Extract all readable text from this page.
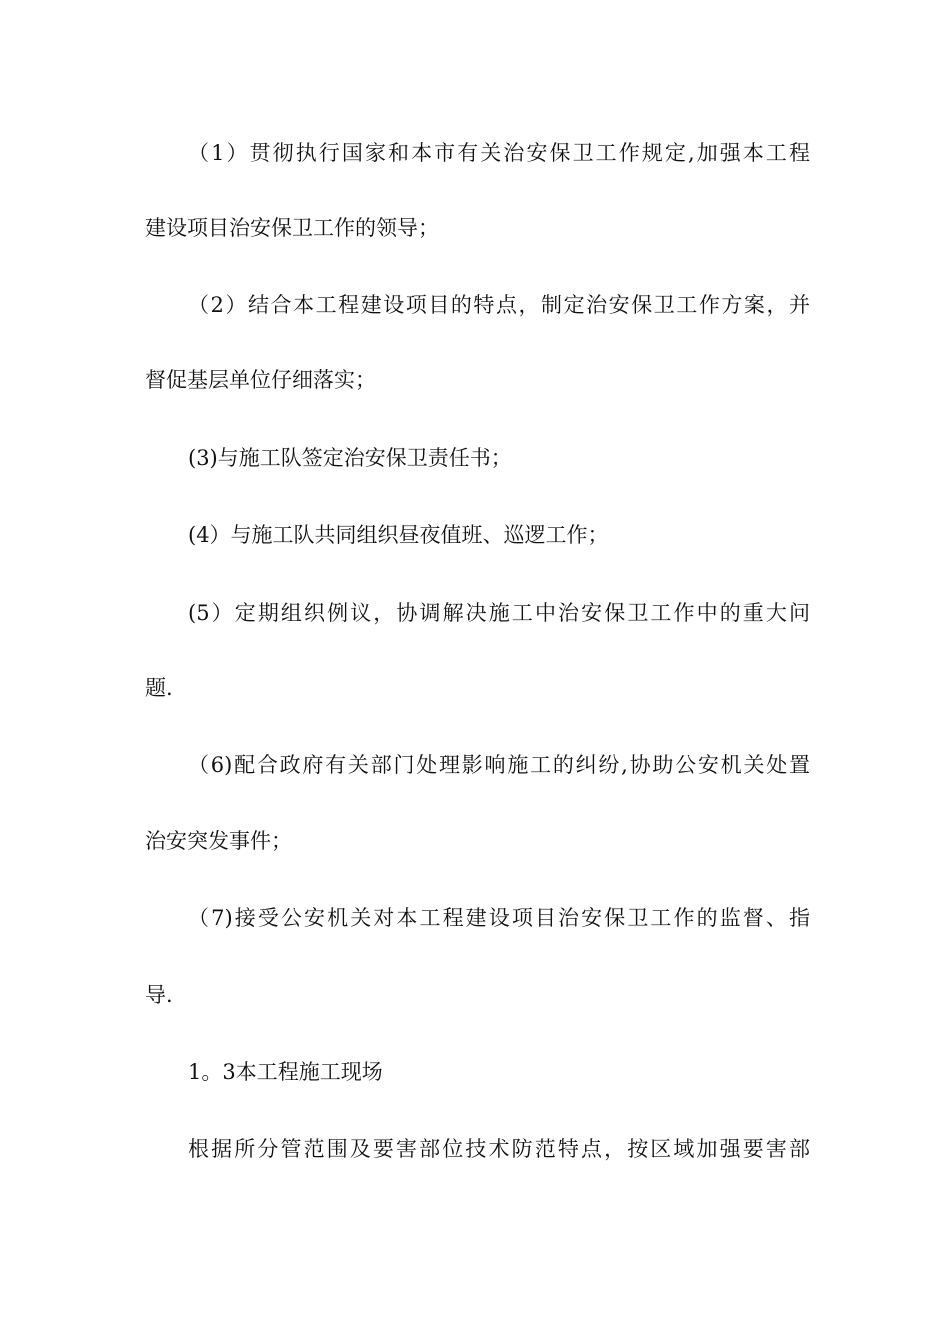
（1）贯彻执行国家和本市有关治安保卫工作规定,加强本工程
建设项目治安保卫工作的领导；
（2）结合本工程建设项目的特点，制定治安保卫工作方案，并
督促基层单位仔细落实；
(3)与施工队签定治安保卫责任书；
(4）与施工队共同组织昼夜值班、巡逻工作；
(5）定期组织例议，协调解决施工中治安保卫工作中的重大问
题.
（6)配合政府有关部门处理影响施工的纠纷,协助公安机关处置
治安突发事件；
（7)接受公安机关对本工程建设项目治安保卫工作的监督、指
导.
1。3本工程施工现场
根据所分管范围及要害部位技术防范特点，按区域加强要害部
